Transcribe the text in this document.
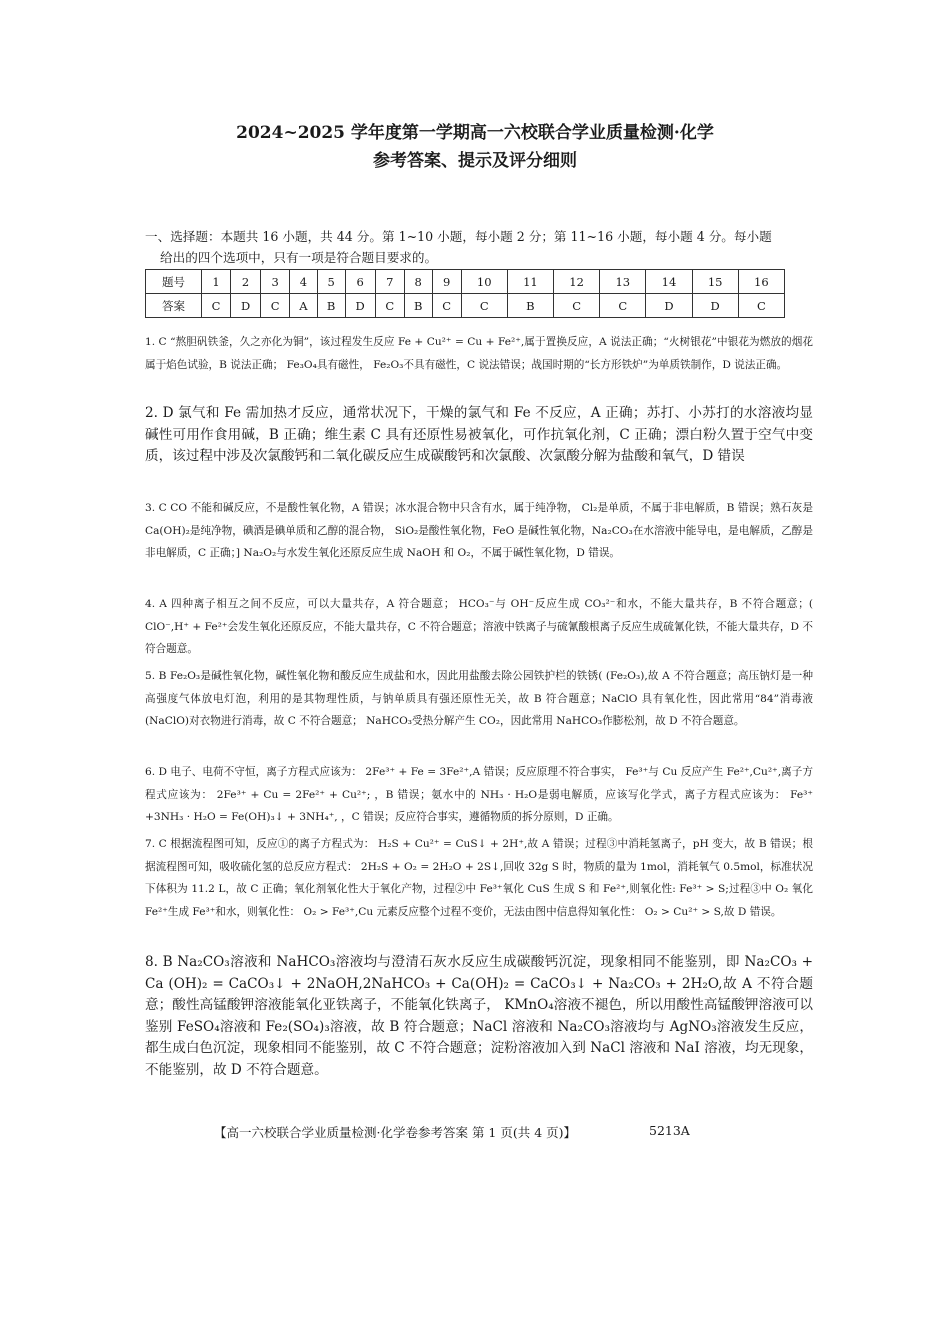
2024~2025 学年度第一学期高一六校联合学业质量检测·化学
参考答案、提示及评分细则
一、选择题：本题共 16 小题，共 44 分。第 1~10 小题，每小题 2 分；第 11~16 小题，每小题 4 分。每小题
给出的四个选项中，只有一项是符合题目要求的。
题号	1	2	3	4	5	6	7	8	9	10	11	12	13	14	15	16
答案	C	D	C	A	B	D	C	B	C	C	B	C	C	D	D	C
1. C “熬胆矾铁釜，久之亦化为铜”，该过程发生反应 Fe + Cu²⁺ = Cu + Fe²⁺,属于置换反应，A 说法正确；“火树银花”中银花为燃放的烟花属于焰色试验，B 说法正确； Fe₃O₄具有磁性， Fe₂O₃不具有磁性，C 说法错误；战国时期的“长方形铁炉”为单质铁制作，D 说法正确。
2. D 氯气和 Fe 需加热才反应，通常状况下，干燥的氯气和 Fe 不反应，A 正确；苏打、小苏打的水溶液均显碱性可用作食用碱，B 正确；维生素 C 具有还原性易被氧化，可作抗氧化剂，C 正确；漂白粉久置于空气中变质，该过程中涉及次氯酸钙和二氧化碳反应生成碳酸钙和次氯酸、次氯酸分解为盐酸和氧气，D 错误
3. C CO 不能和碱反应，不是酸性氧化物，A 错误；冰水混合物中只含有水，属于纯净物， Cl₂是单质，不属于非电解质，B 错误；熟石灰是 Ca(OH)₂是纯净物，碘酒是碘单质和乙醇的混合物， SiO₂是酸性氧化物，FeO 是碱性氧化物，Na₂CO₃在水溶液中能导电，是电解质，乙醇是非电解质，C 正确；] Na₂O₂与水发生氧化还原反应生成 NaOH 和 O₂，不属于碱性氧化物，D 错误。
4. A 四种离子相互之间不反应，可以大量共存，A 符合题意； HCO₃⁻与 OH⁻反应生成 CO₃²⁻和水，不能大量共存，B 不符合题意；( ClO⁻,H⁺ + Fe²⁺会发生氧化还原反应，不能大量共存，C 不符合题意；溶液中铁离子与硫氰酸根离子反应生成硫氰化铁，不能大量共存，D 不符合题意。
5. B Fe₂O₃是碱性氧化物，碱性氧化物和酸反应生成盐和水，因此用盐酸去除公园铁护栏的铁锈( (Fe₂O₃),故 A 不符合题意；高压钠灯是一种高强度气体放电灯泡，利用的是其物理性质，与钠单质具有强还原性无关，故 B 符合题意；NaClO 具有氧化性，因此常用“84”消毒液(NaClO)对衣物进行消毒，故 C 不符合题意； NaHCO₃受热分解产生 CO₂，因此常用 NaHCO₃作膨松剂，故 D 不符合题意。
6. D 电子、电荷不守恒，离子方程式应该为： 2Fe³⁺ + Fe = 3Fe²⁺,A 错误；反应原理不符合事实， Fe³⁺与 Cu 反应产生 Fe²⁺,Cu²⁺,离子方程式应该为： 2Fe³⁺ + Cu = 2Fe²⁺ + Cu²⁺; ，B 错误；氨水中的 NH₃ · H₂O是弱电解质，应该写化学式，离子方程式应该为： Fe³⁺ +3NH₃ · H₂O = Fe(OH)₃↓ + 3NH₄⁺, ，C 错误；反应符合事实，遵循物质的拆分原则，D 正确。
7. C 根据流程图可知，反应①的离子方程式为： H₂S + Cu²⁺ = CuS↓ + 2H⁺,故 A 错误；过程③中消耗氢离子，pH 变大，故 B 错误；根据流程图可知，吸收硫化氢的总反应方程式： 2H₂S + O₂ = 2H₂O + 2S↓,回收 32g S 时，物质的量为 1mol，消耗氧气 0.5mol，标准状况下体积为 11.2 L，故 C 正确；氧化剂氧化性大于氧化产物，过程②中 Fe³⁺氧化 CuS 生成 S 和 Fe²⁺,则氧化性: Fe³⁺ > S;过程③中 O₂ 氧化 Fe²⁺生成 Fe³⁺和水，则氧化性： O₂ > Fe³⁺,Cu 元素反应整个过程不变价，无法由图中信息得知氧化性： O₂ > Cu²⁺ > S,故 D 错误。
8. B Na₂CO₃溶液和 NaHCO₃溶液均与澄清石灰水反应生成碳酸钙沉淀，现象相同不能鉴别，即 Na₂CO₃ + Ca (OH)₂ = CaCO₃↓ + 2NaOH,2NaHCO₃ + Ca(OH)₂ = CaCO₃↓ + Na₂CO₃ + 2H₂O,故 A 不符合题意；酸性高锰酸钾溶液能氧化亚铁离子，不能氧化铁离子， KMnO₄溶液不褪色，所以用酸性高锰酸钾溶液可以鉴别 FeSO₄溶液和 Fe₂(SO₄)₃溶液，故 B 符合题意；NaCl 溶液和 Na₂CO₃溶液均与 AgNO₃溶液发生反应，都生成白色沉淀，现象相同不能鉴别，故 C 不符合题意；淀粉溶液加入到 NaCl 溶液和 NaI 溶液，均无现象，不能鉴别，故 D 不符合题意。
【高一六校联合学业质量检测·化学卷参考答案 第 1 页(共 4 页)】	5213A
